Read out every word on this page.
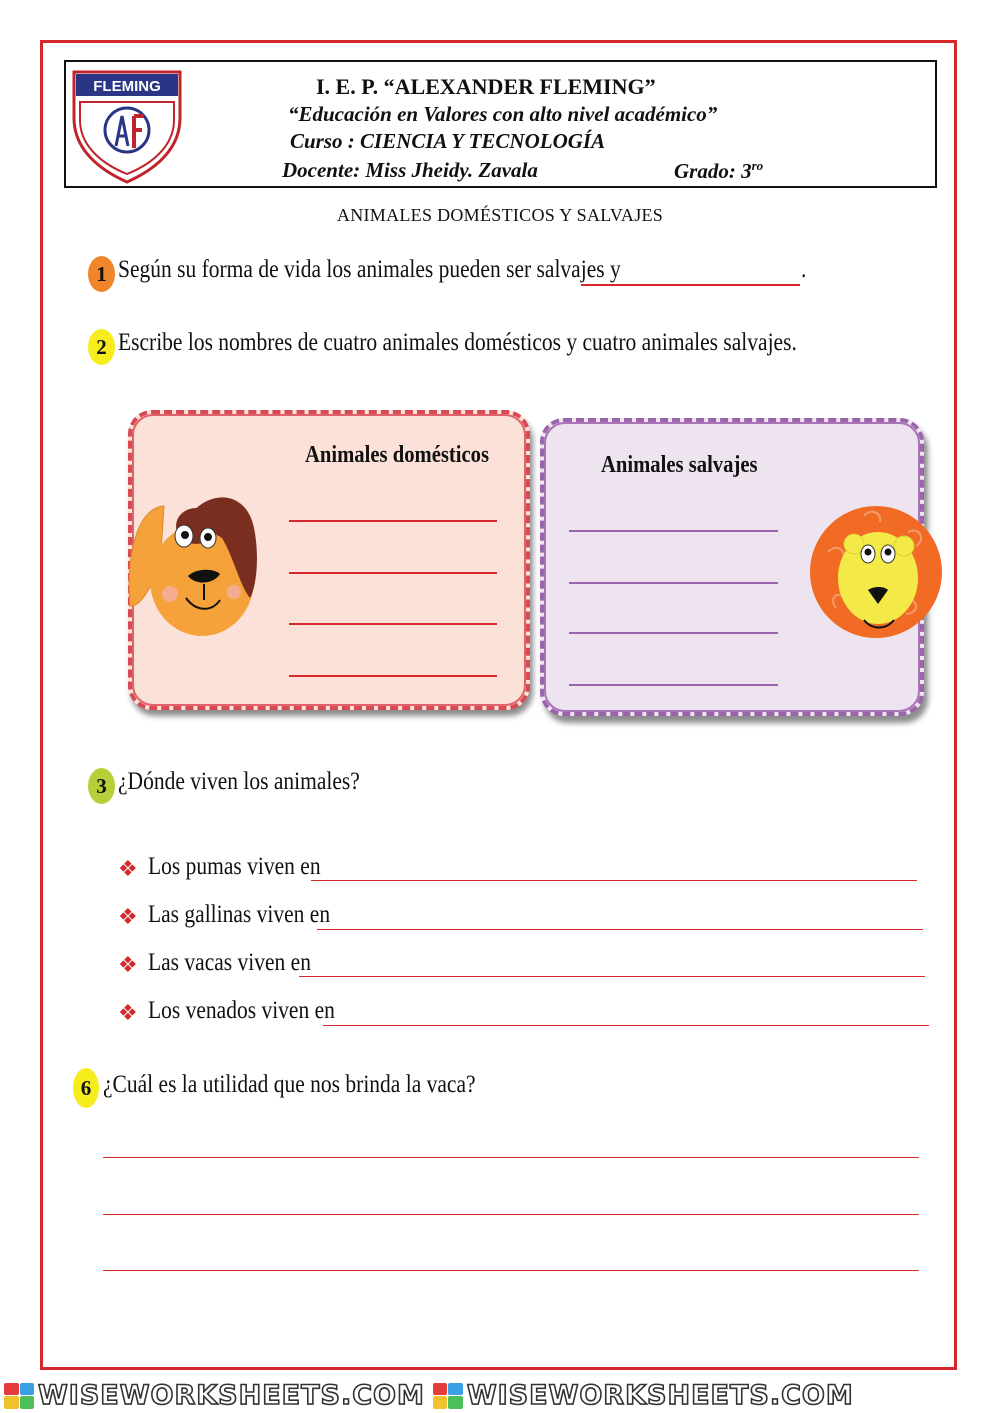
FLEMING	I. E. P. “ALEXANDER FLEMING”
“Educación en Valores con alto nivel académico”
Curso : CIENCIA Y TECNOLOGÍA
Docente: Miss Jheidy. Zavala	Grado: $3^{ro}$
ANIMALES DOMÉSTICOS Y SALVAJES
1 Según su forma de vida los animales pueden ser salvajes y	.
2 Escribe los nombres de cuatro animales domésticos y cuatro animales salvajes.
Animales domésticos	Animales salvajes
3 ¿Dónde viven los animales?
❖ Los pumas viven en
❖ Las gallinas viven en
❖ Las vacas viven en
❖ Los venados viven en
6 ¿Cuál es la utilidad que nos brinda la vaca?
WISEWORKSHEETS.COM WISEWORKSHEETS.COM
